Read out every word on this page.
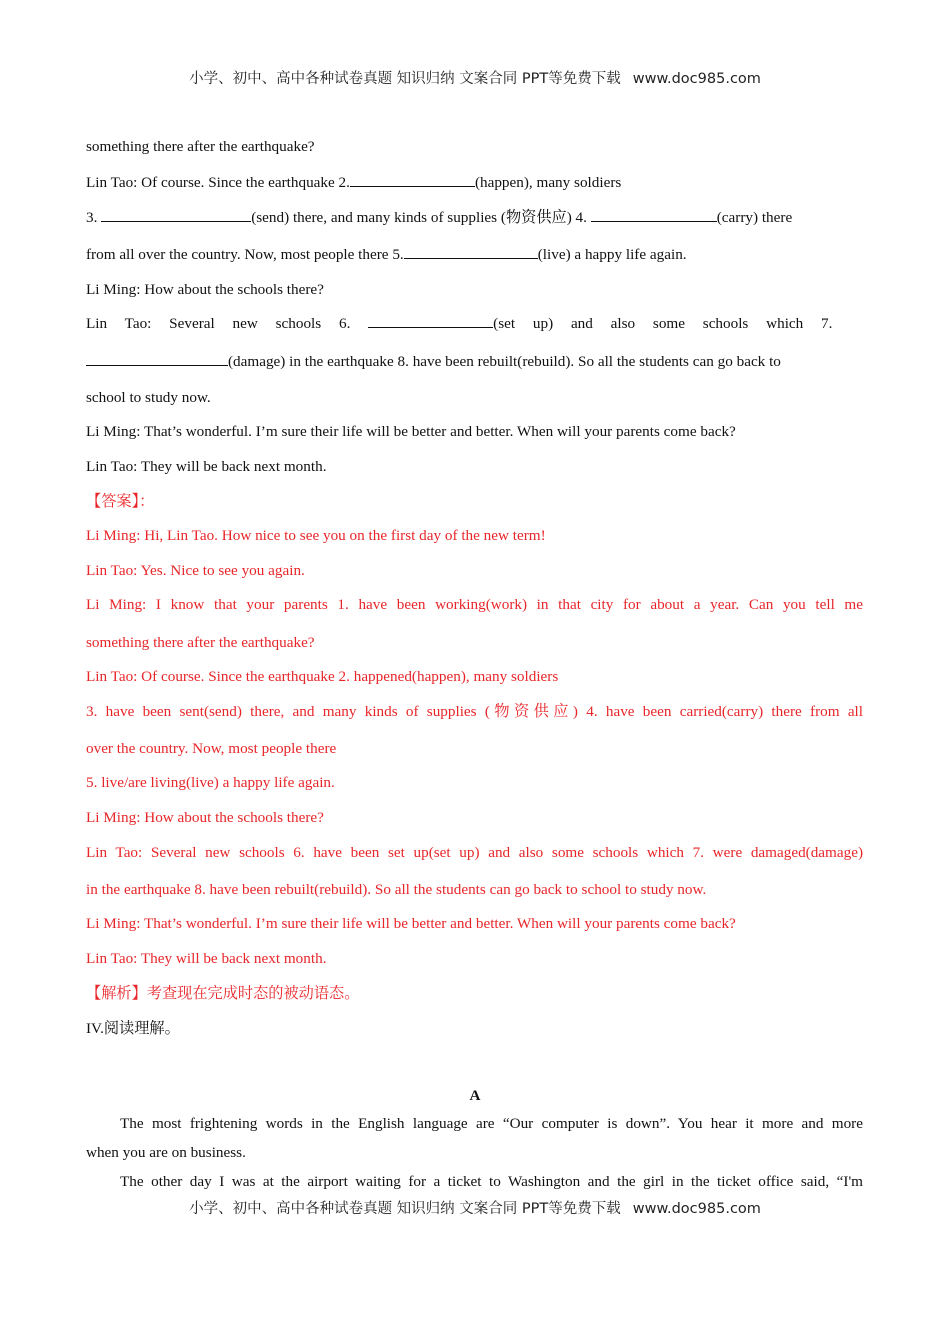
小学、初中、高中各种试卷真题 知识归纳 文案合同 PPT等免费下载 www.doc985.com
something there after the earthquake?
Lin Tao: Of course. Since the earthquake 2.	(happen), many soldiers
3.	(send) there, and many kinds of supplies (物资供应) 4.	(carry) there
from all over the country. Now, most people there 5.	(live) a happy life again.
Li Ming: How about the schools there?
Lin Tao: Several new schools 6.	(set up) and also some schools which 7.
(damage) in the earthquake 8. have been rebuilt(rebuild). So all the students can go back to
school to study now.
Li Ming: That’s wonderful. I’m sure their life will be better and better. When will your parents come back?
Lin Tao: They will be back next month.
【答案】：
Li Ming: Hi, Lin Tao. How nice to see you on the first day of the new term!
Lin Tao: Yes. Nice to see you again.
Li Ming: I know that your parents 1. have been working(work) in that city for about a year. Can you tell me
something there after the earthquake?
Lin Tao: Of course. Since the earthquake 2. happened(happen), many soldiers
3. have been sent(send) there, and many kinds of supplies (物资供应) 4. have been carried(carry) there from all
over the country. Now, most people there
5. live/are living(live) a happy life again.
Li Ming: How about the schools there?
Lin Tao: Several new schools 6. have been set up(set up) and also some schools which 7. were damaged(damage)
in the earthquake 8. have been rebuilt(rebuild). So all the students can go back to school to study now.
Li Ming: That’s wonderful. I’m sure their life will be better and better. When will your parents come back?
Lin Tao: They will be back next month.
【解析】考查现在完成时态的被动语态。
IV.阅读理解。
A
The most frightening words in the English language are “Our computer is down”. You hear it more and more
when you are on business.
The other day I was at the airport waiting for a ticket to Washington and the girl in the ticket office said, “I'm
小学、初中、高中各种试卷真题 知识归纳 文案合同 PPT等免费下载 www.doc985.com
